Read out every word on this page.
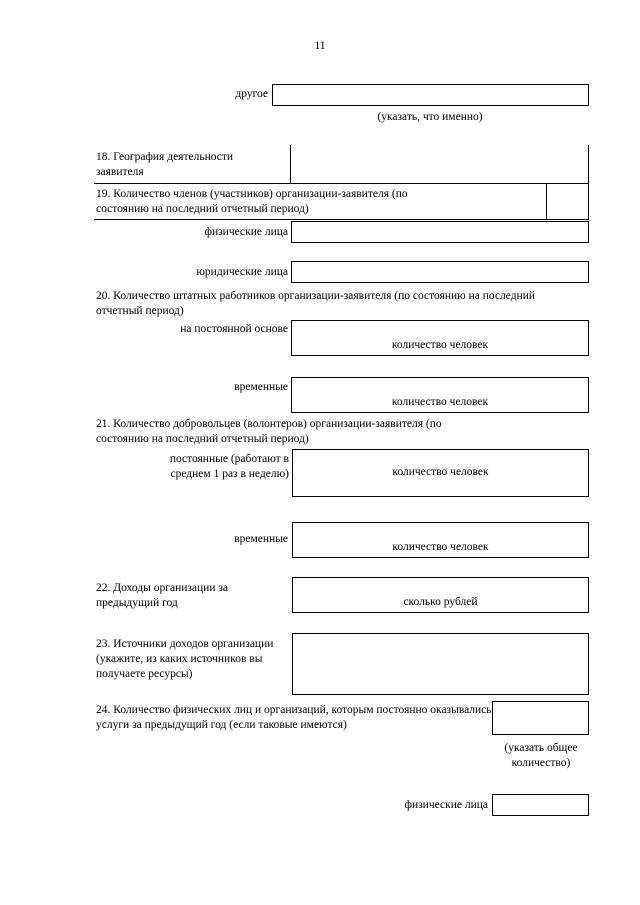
11
другое
(указать, что именно)
18. География деятельности заявителя
19. Количество членов (участников) организации-заявителя (по состоянию на последний отчетный период)
физические лица
юридические лица
20. Количество штатных работников организации-заявителя (по состоянию на последний отчетный период)
на постоянной основе
количество человек
временные
количество человек
21. Количество добровольцев (волонтеров) организации-заявителя (по состоянию на последний отчетный период)
постоянные (работают в среднем 1 раз в неделю)	количество человек
временные
количество человек
22. Доходы организации за предыдущий год	сколько рублей
23. Источники доходов организации (укажите, из каких источников вы получаете ресурсы)
24. Количество физических лиц и организаций, которым постоянно оказывались услуги за предыдущий год (если таковые имеются)
(указать общее количество)
физические лица
